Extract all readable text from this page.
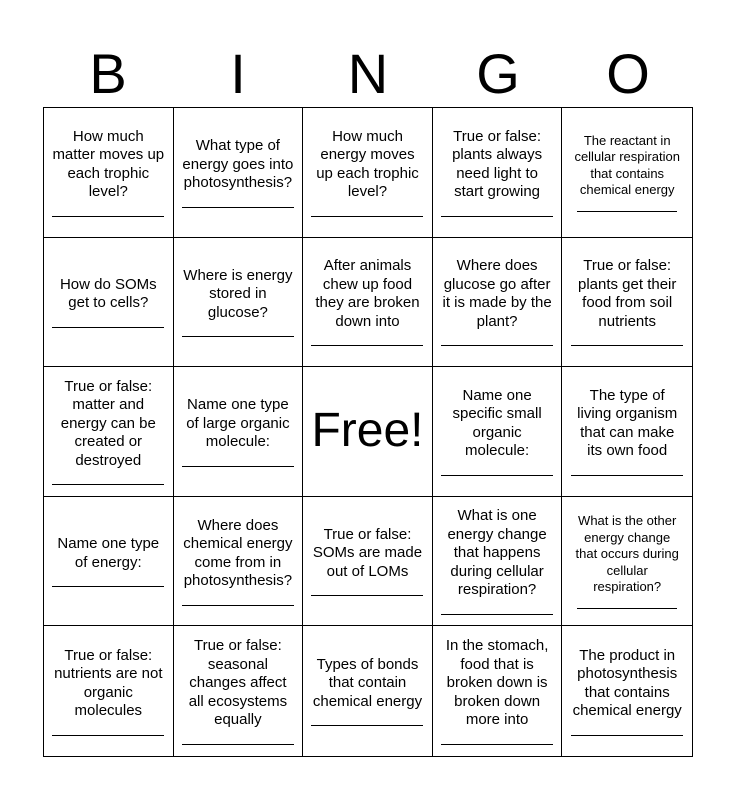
B	I	N	G	O
How much
matter moves up
each trophic
level?
What type of
energy goes into
photosynthesis?
How much
energy moves
up each trophic
level?
True or false:
plants always
need light to
start growing
The reactant in
cellular respiration
that contains
chemical energy
How do SOMs
get to cells?
Where is energy
stored in
glucose?
After animals
chew up food
they are broken
down into
Where does
glucose go after
it is made by the
plant?
True or false:
plants get their
food from soil
nutrients
True or false:
matter and
energy can be
created or
destroyed
Name one type
of large organic
molecule: Free!
Name one
specific small
organic
molecule:
The type of
living organism
that can make
its own food
Name one type
of energy:
Where does
chemical energy
come from in
photosynthesis?
True or false:
SOMs are made
out of LOMs
What is one
energy change
that happens
during cellular
respiration?
What is the other
energy change
that occurs during
cellular
respiration?
True or false:
nutrients are not
organic
molecules
True or false:
seasonal
changes affect
all ecosystems
equally
Types of bonds
that contain
chemical energy
In the stomach,
food that is
broken down is
broken down
more into
The product in
photosynthesis
that contains
chemical energy
